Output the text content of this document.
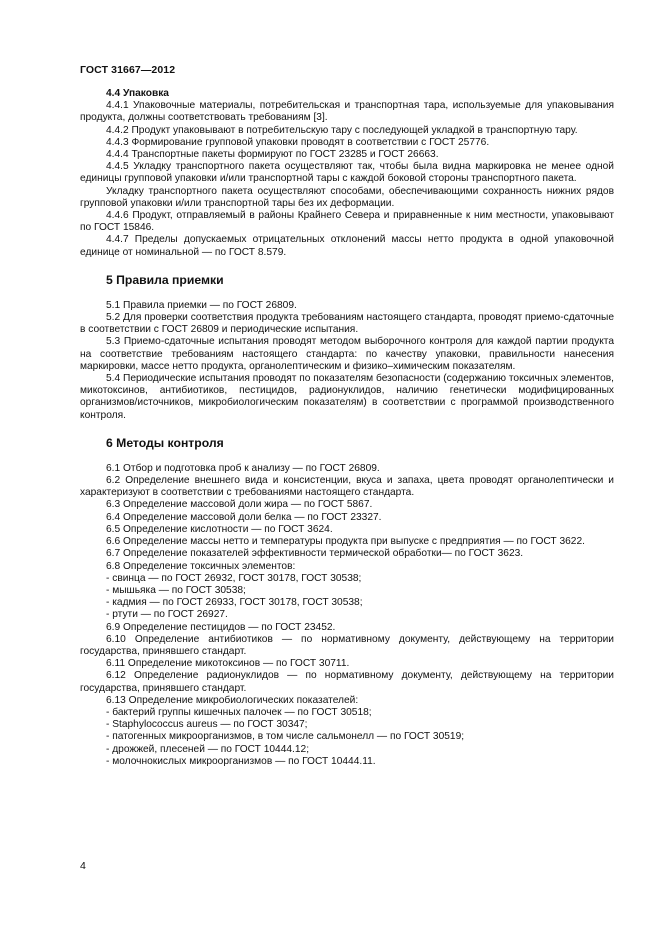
ГОСТ 31667—2012
4.4 Упаковка

4.4.1 Упаковочные материалы, потребительская и транспортная тара, используемые для упаковывания продукта, должны соответствовать требованиям [3].

4.4.2 Продукт упаковывают в потребительскую тару с последующей укладкой в транспортную тару.

4.4.3 Формирование групповой упаковки проводят в соответствии с ГОСТ 25776.

4.4.4 Транспортные пакеты формируют по ГОСТ 23285 и ГОСТ 26663.

4.4.5 Укладку транспортного пакета осуществляют так, чтобы была видна маркировка не менее одной единицы групповой упаковки и/или транспортной тары с каждой боковой стороны транспортного пакета.

Укладку транспортного пакета осуществляют способами, обеспечивающими сохранность нижних рядов групповой упаковки и/или транспортной тары без их деформации.

4.4.6 Продукт, отправляемый в районы Крайнего Севера и приравненные к ним местности, упаковывают по ГОСТ 15846.

4.4.7 Пределы допускаемых отрицательных отклонений массы нетто продукта в одной упаковочной единице от номинальной — по ГОСТ 8.579.

5 Правила приемки

5.1 Правила приемки — по ГОСТ 26809.

5.2 Для проверки соответствия продукта требованиям настоящего стандарта, проводят приемо-сдаточные в соответствии с ГОСТ 26809 и периодические испытания.

5.3 Приемо-сдаточные испытания проводят методом выборочного контроля для каждой партии продукта на соответствие требованиям настоящего стандарта: по качеству упаковки, правильности нанесения маркировки, массе нетто продукта, органолептическим и физико–химическим показателям.

5.4 Периодические испытания проводят по показателям безопасности (содержанию токсичных элементов, микотоксинов, антибиотиков, пестицидов, радионуклидов, наличию генетически модифицированных организмов/источников, микробиологическим показателям) в соответствии с программой производственного контроля.

6 Методы контроля

6.1 Отбор и подготовка проб к анализу — по ГОСТ 26809.

6.2 Определение внешнего вида и консистенции, вкуса и запаха, цвета проводят органолептически и характеризуют в соответствии с требованиями настоящего стандарта.

6.3 Определение массовой доли жира — по ГОСТ 5867.

6.4 Определение массовой доли белка — по ГОСТ 23327.

6.5 Определение кислотности — по ГОСТ 3624.

6.6 Определение массы нетто и температуры продукта при выпуске с предприятия — по ГОСТ 3622.

6.7 Определение показателей эффективности термической обработки— по ГОСТ 3623.

6.8 Определение токсичных элементов:

- свинца — по ГОСТ 26932, ГОСТ 30178, ГОСТ 30538;
- мышьяка — по ГОСТ 30538;
- кадмия — по ГОСТ 26933, ГОСТ 30178, ГОСТ 30538;
- ртути — по ГОСТ 26927.

6.9 Определение пестицидов — по ГОСТ 23452.

6.10 Определение антибиотиков — по нормативному документу, действующему на территории государства, принявшего стандарт.

6.11 Определение микотоксинов — по ГОСТ 30711.

6.12 Определение радионуклидов — по нормативному документу, действующему на территории государства, принявшего стандарт.

6.13 Определение микробиологических показателей:

- бактерий группы кишечных палочек — по ГОСТ 30518;
- Staphylococcus aureus — по ГОСТ 30347;
- патогенных микроорганизмов, в том числе сальмонелл — по ГОСТ 30519;
- дрожжей, плесеней — по ГОСТ 10444.12;
- молочнокислых микроорганизмов — по ГОСТ 10444.11.
4
